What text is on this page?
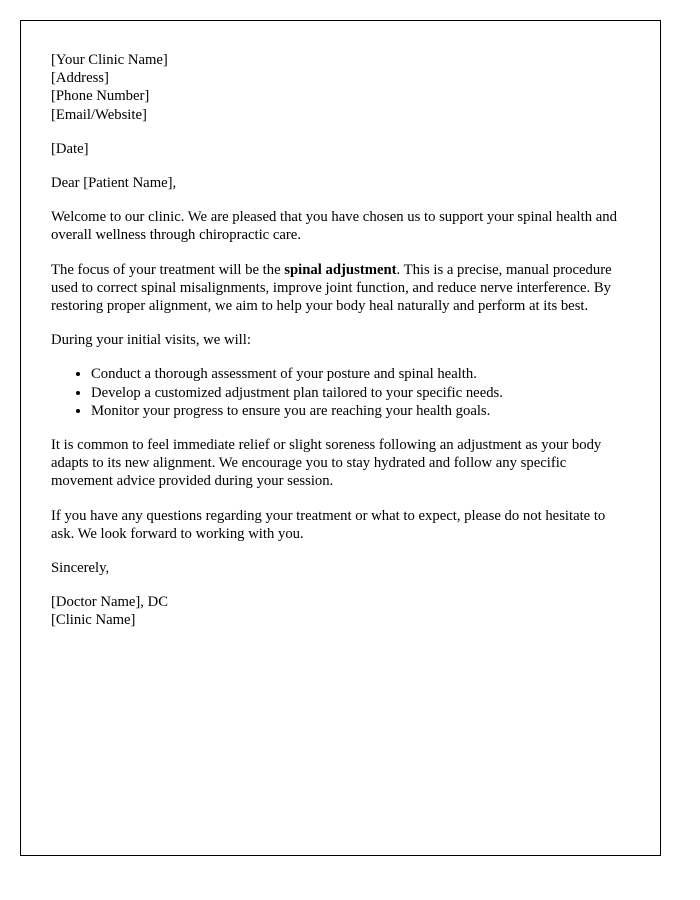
[Your Clinic Name]
[Address]
[Phone Number]
[Email/Website]

[Date]

Dear [Patient Name],

Welcome to our clinic. We are pleased that you have chosen us to support your spinal health and overall wellness through chiropractic care.

The focus of your treatment will be the spinal adjustment. This is a precise, manual procedure used to correct spinal misalignments, improve joint function, and reduce nerve interference. By restoring proper alignment, we aim to help your body heal naturally and perform at its best.

During your initial visits, we will:

• Conduct a thorough assessment of your posture and spinal health.
• Develop a customized adjustment plan tailored to your specific needs.
• Monitor your progress to ensure you are reaching your health goals.

It is common to feel immediate relief or slight soreness following an adjustment as your body adapts to its new alignment. We encourage you to stay hydrated and follow any specific movement advice provided during your session.

If you have any questions regarding your treatment or what to expect, please do not hesitate to ask. We look forward to working with you.

Sincerely,

[Doctor Name], DC
[Clinic Name]
